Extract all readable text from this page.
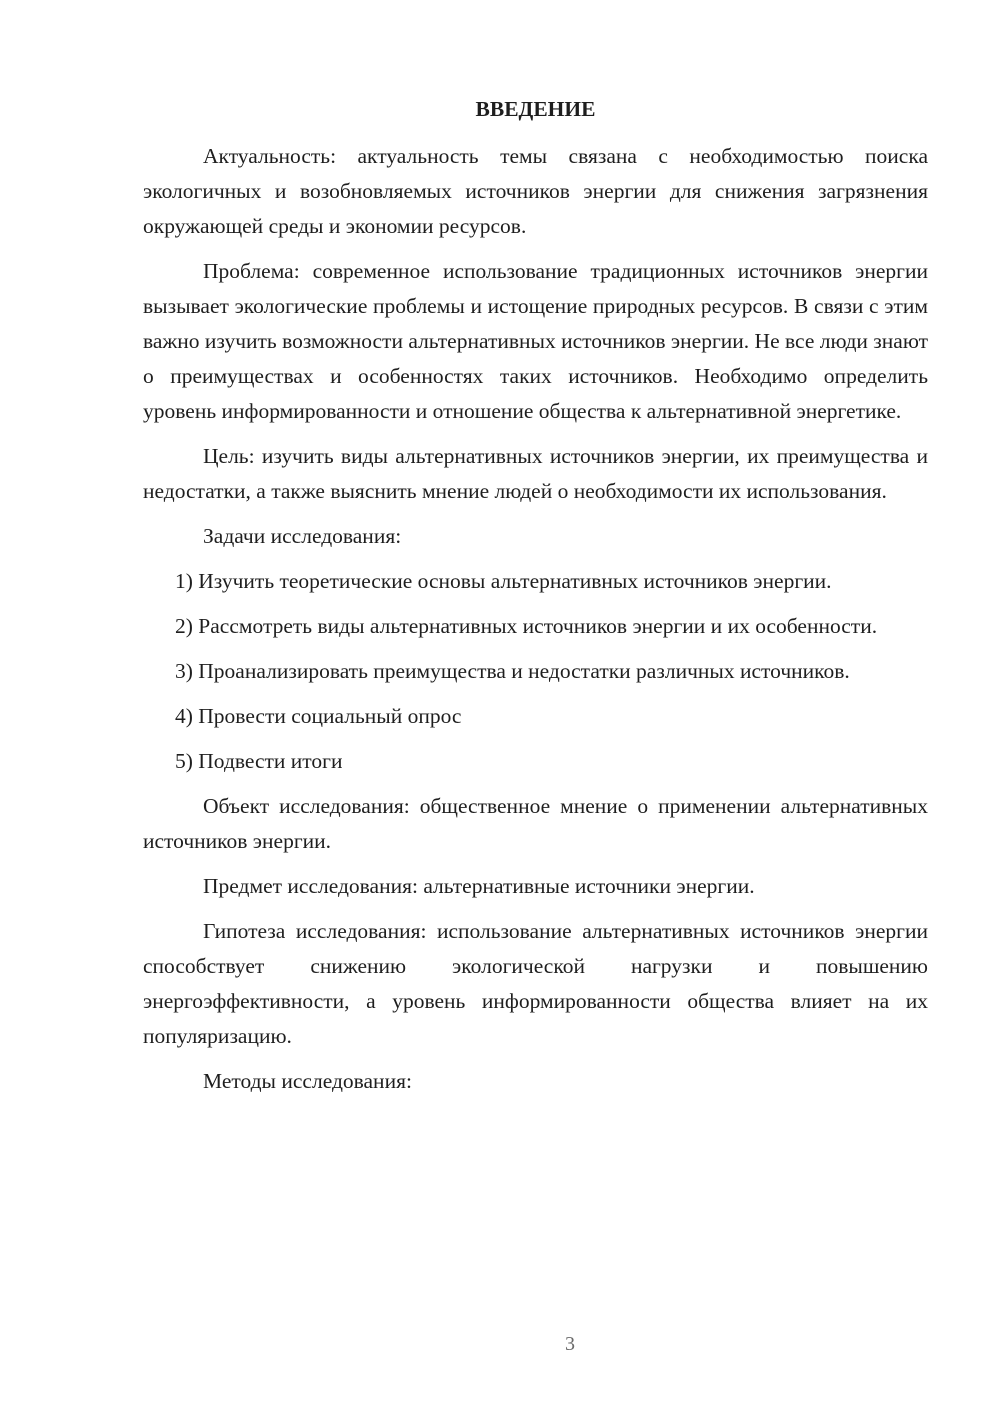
ВВЕДЕНИЕ

Актуальность: актуальность темы связана с необходимостью поиска экологичных и возобновляемых источников энергии для снижения загрязнения окружающей среды и экономии ресурсов.

Проблема: современное использование традиционных источников энергии вызывает экологические проблемы и истощение природных ресурсов. В связи с этим важно изучить возможности альтернативных источников энергии. Не все люди знают о преимуществах и особенностях таких источников. Необходимо определить уровень информированности и отношение общества к альтернативной энергетике.

Цель: изучить виды альтернативных источников энергии, их преимущества и недостатки, а также выяснить мнение людей о необходимости их использования.

Задачи исследования:

1) Изучить теоретические основы альтернативных источников энергии.

2) Рассмотреть виды альтернативных источников энергии и их особенности.

3) Проанализировать преимущества и недостатки различных источников.

4) Провести социальный опрос

5) Подвести итоги

Объект исследования: общественное мнение о применении альтернативных источников энергии.

Предмет исследования: альтернативные источники энергии.

Гипотеза исследования: использование альтернативных источников энергии способствует снижению экологической нагрузки и повышению энергоэффективности, а уровень информированности общества влияет на их популяризацию.

Методы исследования:

3
